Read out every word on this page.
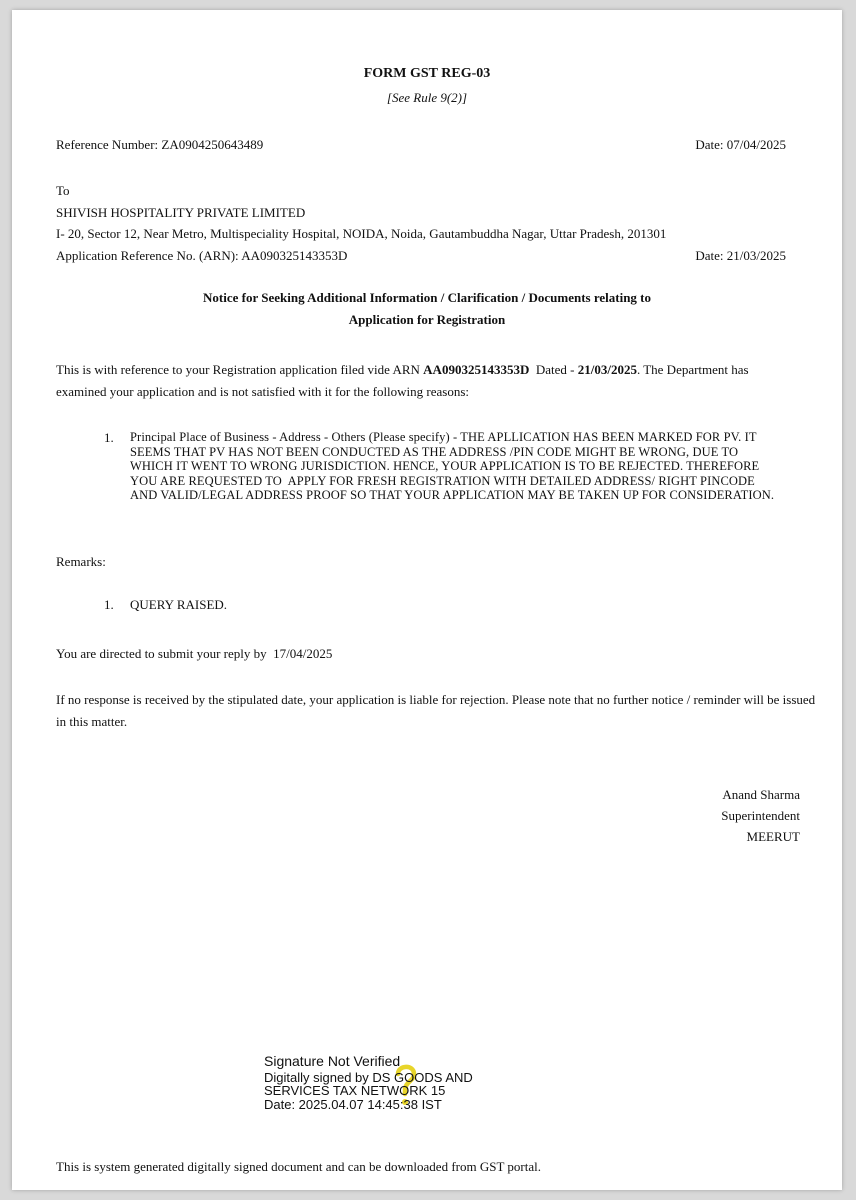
FORM GST REG-03
[See Rule 9(2)]
Reference Number: ZA0904250643489	Date: 07/04/2025
To
SHIVISH HOSPITALITY PRIVATE LIMITED
I- 20, Sector 12, Near Metro, Multispeciality Hospital, NOIDA, Noida, Gautambuddha Nagar, Uttar Pradesh, 201301
Application Reference No. (ARN): AA090325143353D	Date: 21/03/2025
Notice for Seeking Additional Information / Clarification / Documents relating to
Application for Registration
This is with reference to your Registration application filed vide ARN AA090325143353D  Dated - 21/03/2025. The Department has examined your application and is not satisfied with it for the following reasons:
1. Principal Place of Business - Address - Others (Please specify) - THE APLLICATION HAS BEEN MARKED FOR PV. IT SEEMS THAT PV HAS NOT BEEN CONDUCTED AS THE ADDRESS /PIN CODE MIGHT BE WRONG, DUE TO WHICH IT WENT TO WRONG JURISDICTION. HENCE, YOUR APPLICATION IS TO BE REJECTED. THEREFORE YOU ARE REQUESTED TO  APPLY FOR FRESH REGISTRATION WITH DETAILED ADDRESS/ RIGHT PINCODE AND VALID/LEGAL ADDRESS PROOF SO THAT YOUR APPLICATION MAY BE TAKEN UP FOR CONSIDERATION.
Remarks:
1. QUERY RAISED.
You are directed to submit your reply by  17/04/2025
If no response is received by the stipulated date, your application is liable for rejection. Please note that no further notice / reminder will be issued in this matter.
Anand Sharma
Superintendent
MEERUT
Signature Not Verified
Digitally signed by DS GOODS AND
SERVICES TAX NETWORK 15
Date: 2025.04.07 14:45:38 IST
This is system generated digitally signed document and can be downloaded from GST portal.
